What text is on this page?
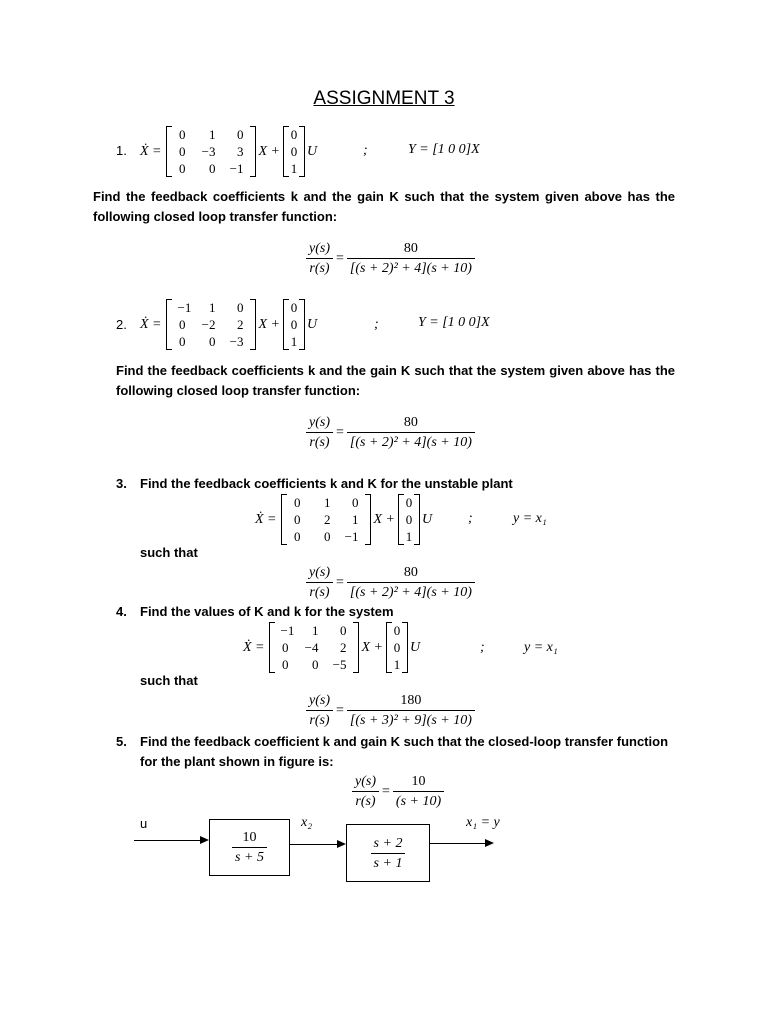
ASSIGNMENT 3
1. Ẋ =
0	1	0
0	−3	3
0	0	−1
X +
0
0
1
U	;	Y = [1 0 0]X
Find the feedback coefficients k and the gain K such that the system given above has the following closed loop transfer function:
$\frac{y(s)}{r(s)} = \frac{80}{\text{[(s + 2)² + 4](s + 10)}}$
2. Ẋ =
−1	1	0
0	−2	2
0	0	−3
X +
0
0
1
U	;	Y = [1 0 0]X
Find the feedback coefficients k and the gain K such that the system given above has the following closed loop transfer function:
$\frac{y(s)}{r(s)} = \frac{80}{\text{[(s + 2)² + 4](s + 10)}}$
3. Find the feedback coefficients k and K for the unstable plant
Ẋ =
0	1	0
0	2	1
0	0	−1
X +
0
0
1
U	;	y = x₁
such that
$\frac{y(s)}{r(s)} = \frac{80}{\text{[(s + 2)² + 4](s + 10)}}$
4. Find the values of K and k for the system
Ẋ =
−1	1	0
0	−4	2
0	0	−5
X +
0
0
1
U	;	y = x₁
such that
$\frac{y(s)}{r(s)} = \frac{180}{\text{[(s + 3)² + 9](s + 10)}}$
5. Find the feedback coefficient k and gain K such that the closed-loop transfer function for the plant shown in figure is:
$\frac{y(s)}{r(s)} = \frac{10}{(s + 10)}$
u
$\frac{10}{s + 5}$
x₂
$\frac{s + 2}{s + 1}$
x₁ = y
